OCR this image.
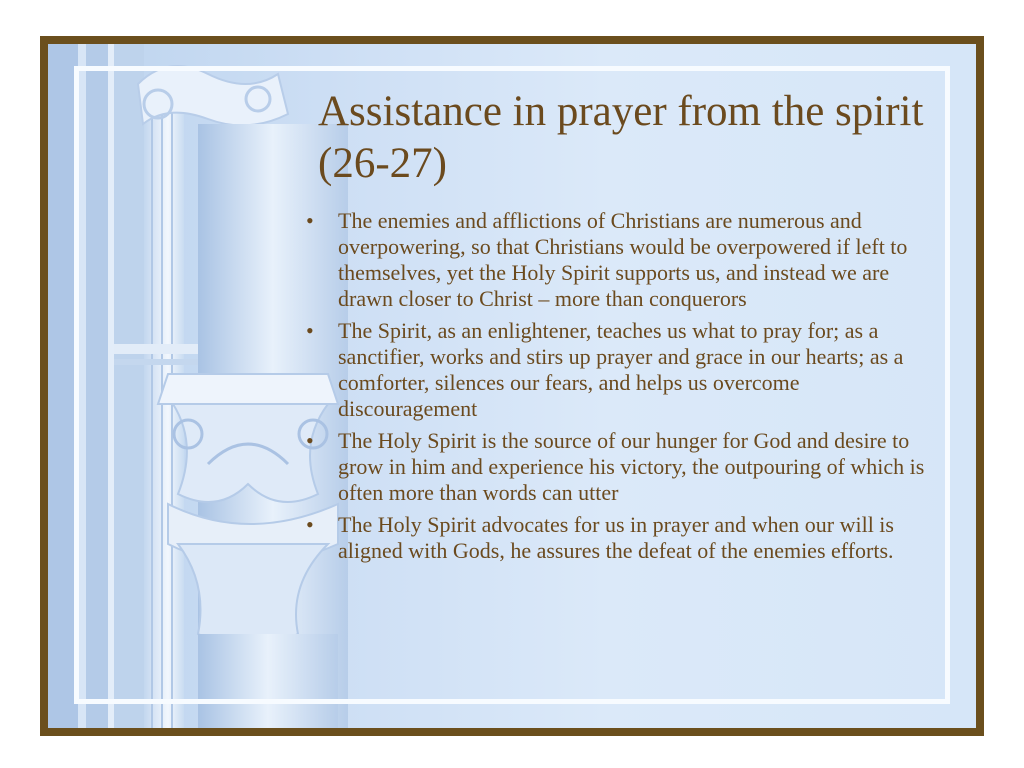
Assistance in prayer from the spirit (26-27)
• The enemies and afflictions of Christians are numerous and overpowering, so that Christians would be overpowered if left to themselves, yet the Holy Spirit supports us, and instead we are drawn closer to Christ – more than conquerors
• The Spirit, as an enlightener, teaches us what to pray for; as a sanctifier, works and stirs up prayer and grace in our hearts; as a comforter, silences our fears, and helps us overcome discouragement
• The Holy Spirit is the source of our hunger for God and desire to grow in him and experience his victory, the outpouring of which is often more than words can utter
• The Holy Spirit advocates for us in prayer and when our will is aligned with Gods, he assures the defeat of the enemies efforts.
